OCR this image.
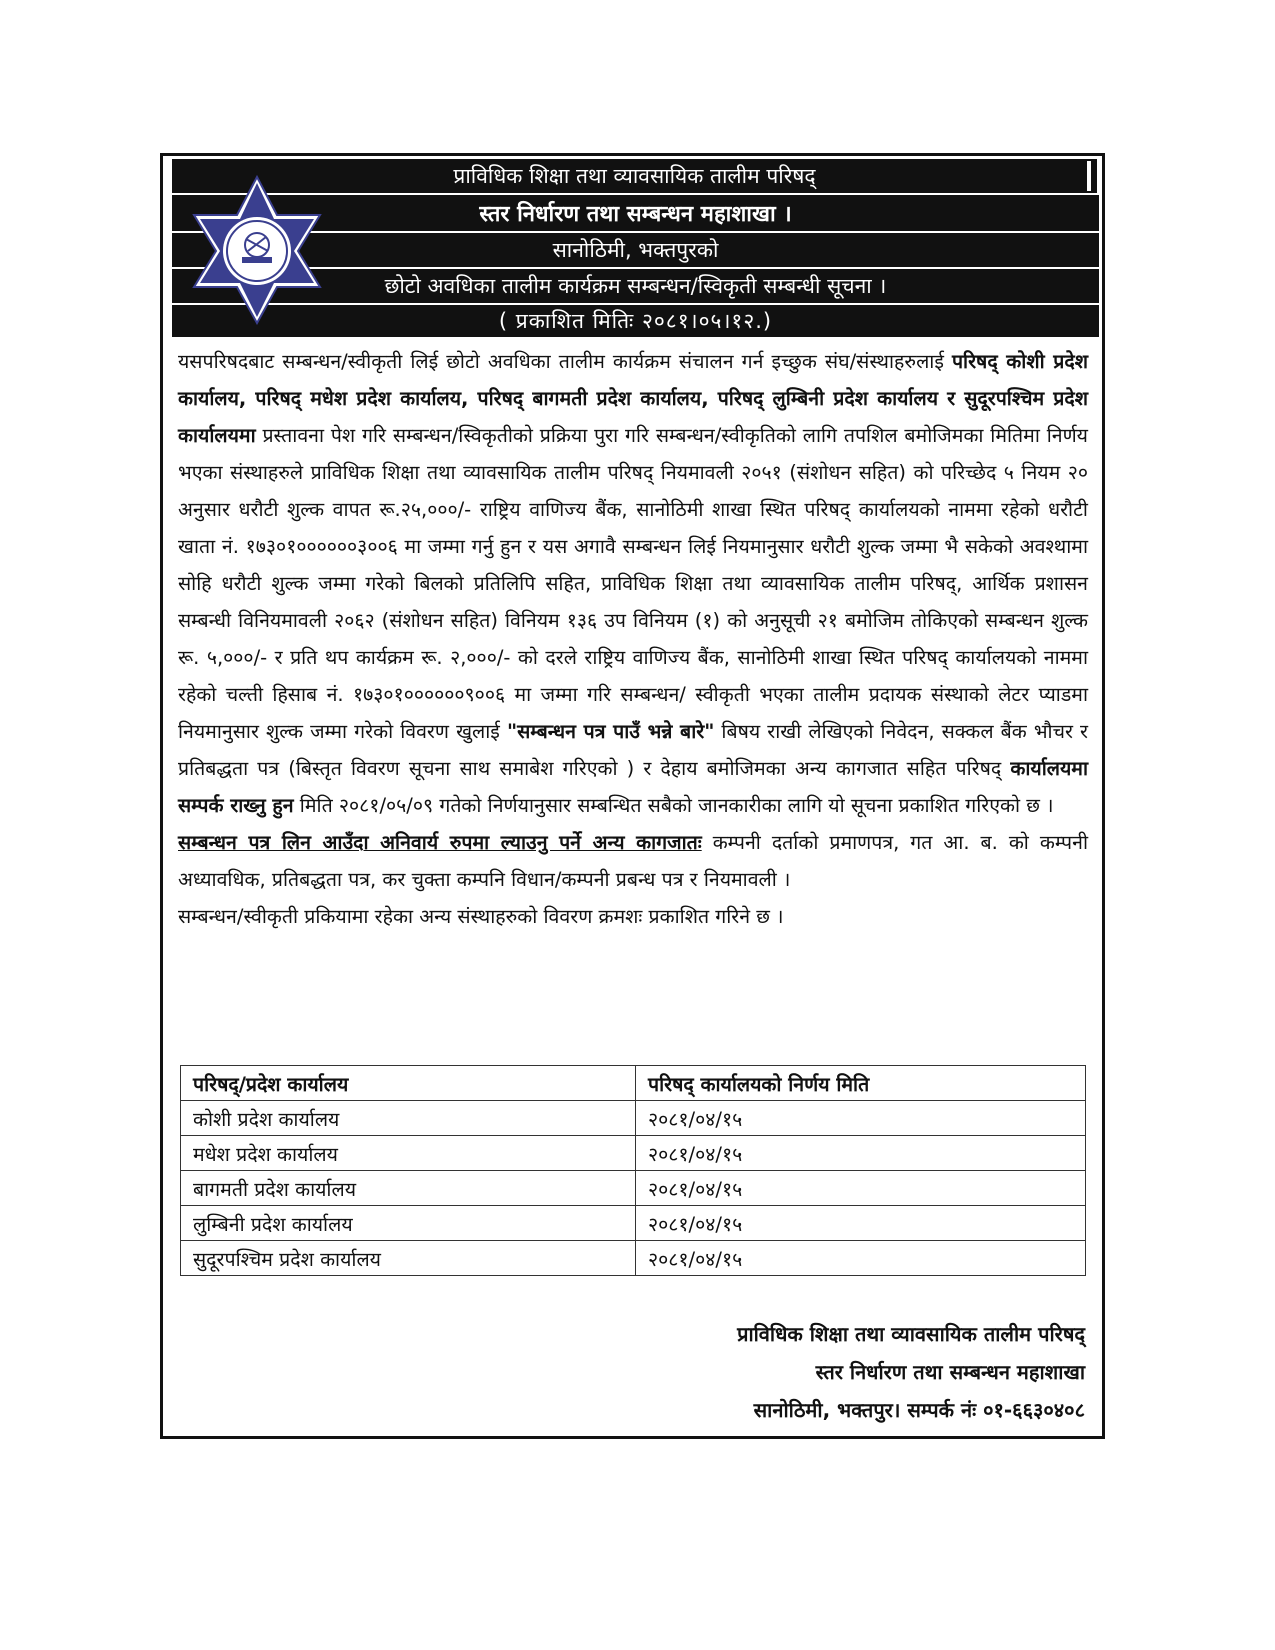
प्राविधिक शिक्षा तथा व्यावसायिक तालीम परिषद्
स्तर निर्धारण तथा सम्बन्धन महाशाखा ।
सानोठिमी, भक्तपुरको
छोटो अवधिका तालीम कार्यक्रम सम्बन्धन/स्विकृती सम्बन्धी सूचना ।
( प्रकाशित मितिः २०८१।०५।१२.)

यसपरिषदबाट सम्बन्धन/स्वीकृती लिई छोटो अवधिका तालीम कार्यक्रम संचालन गर्न इच्छुक संघ/संस्थाहरुलाई परिषद् कोशी प्रदेश कार्यालय, परिषद् मधेश प्रदेश कार्यालय, परिषद् बागमती प्रदेश कार्यालय, परिषद् लुम्बिनी प्रदेश कार्यालय र सुदूरपश्चिम प्रदेश कार्यालयमा प्रस्तावना पेश गरि सम्बन्धन/स्विकृतीको प्रक्रिया पुरा गरि सम्बन्धन/स्वीकृतिको लागि तपशिल बमोजिमका मितिमा निर्णय भएका संस्थाहरुले प्राविधिक शिक्षा तथा व्यावसायिक तालीम परिषद् नियमावली २०५१ (संशोधन सहित) को परिच्छेद ५ नियम २० अनुसार धरौटी शुल्क वापत रू.२५,०००/- राष्ट्रिय वाणिज्य बैंक, सानोठिमी शाखा स्थित परिषद् कार्यालयको नाममा रहेको धरौटी खाता नं. १७३०१००००००३००६ मा जम्मा गर्नु हुन र यस अगावै सम्बन्धन लिई नियमानुसार धरौटी शुल्क जम्मा भै सकेको अवश्थामा सोहि धरौटी शुल्क जम्मा गरेको बिलको प्रतिलिपि सहित, प्राविधिक शिक्षा तथा व्यावसायिक तालीम परिषद्, आर्थिक प्रशासन सम्बन्धी विनियमावली २०६२ (संशोधन सहित) विनियम १३६ उप विनियम (१) को अनुसूची २१ बमोजिम तोकिएको सम्बन्धन शुल्क रू. ५,०००/- र प्रति थप कार्यक्रम रू. २,०००/- को दरले राष्ट्रिय वाणिज्य बैंक, सानोठिमी शाखा स्थित परिषद् कार्यालयको नाममा रहेको चल्ती हिसाब नं. १७३०१००००००९००६ मा जम्मा गरि सम्बन्धन/ स्वीकृती भएका तालीम प्रदायक संस्थाको लेटर प्याडमा नियमानुसार शुल्क जम्मा गरेको विवरण खुलाई "सम्बन्धन पत्र पाउँ भन्ने बारे" बिषय राखी लेखिएको निवेदन, सक्कल बैंक भौचर र प्रतिबद्धता पत्र (बिस्तृत विवरण सूचना साथ समाबेश गरिएको ) र देहाय बमोजिमका अन्य कागजात सहित परिषद् कार्यालयमा सम्पर्क राख्नु हुन मिति २०८१/०५/०९ गतेको निर्णयानुसार सम्बन्धित सबैको जानकारीका लागि यो सूचना प्रकाशित गरिएको छ ।

सम्बन्धन पत्र लिन आउँदा अनिवार्य रुपमा ल्याउनु पर्ने अन्य कागजातः कम्पनी दर्ताको प्रमाणपत्र, गत आ. ब. को कम्पनी अध्यावधिक, प्रतिबद्धता पत्र, कर चुक्ता कम्पनि विधान/कम्पनी प्रबन्ध पत्र र नियमावली ।

सम्बन्धन/स्वीकृती प्रकियामा रहेका अन्य संस्थाहरुको विवरण क्रमशः प्रकाशित गरिने छ ।

परिषद्/प्रदेश कार्यालय	परिषद् कार्यालयको निर्णय मिति
कोशी प्रदेश कार्यालय	२०८१/०४/१५
मधेश प्रदेश कार्यालय	२०८१/०४/१५
बागमती प्रदेश कार्यालय	२०८१/०४/१५
लुम्बिनी प्रदेश कार्यालय	२०८१/०४/१५
सुदूरपश्चिम प्रदेश कार्यालय	२०८१/०४/१५
प्राविधिक शिक्षा तथा व्यावसायिक तालीम परिषद्
स्तर निर्धारण तथा सम्बन्धन महाशाखा
सानोठिमी, भक्तपुर। सम्पर्क नंः ०१-६६३०४०८
